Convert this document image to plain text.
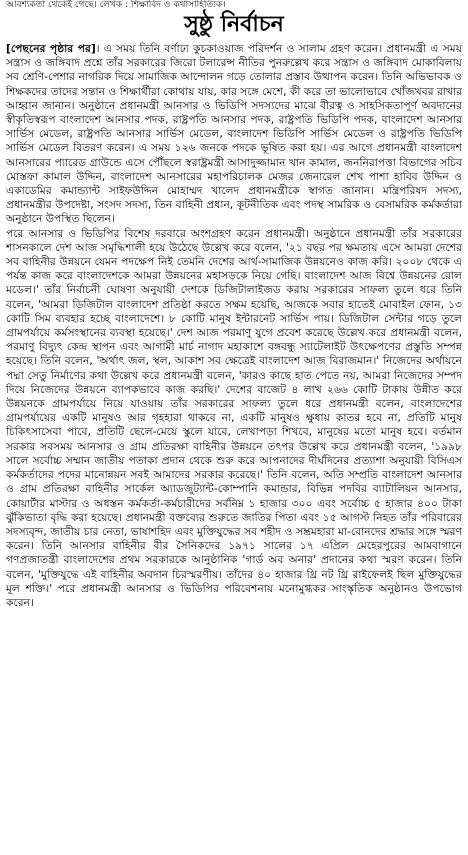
আবশ্যকতা থেকেই গেছে। লেখক : শিক্ষাবিদ ও কথাসাহিত্যিক।
সুষ্ঠু নির্বাচন

[পেছনের পৃষ্ঠার পর]। এ সময় তিনি বর্ণাঢ্য কুচকাওয়াজ পরিদর্শন ও সালাম গ্রহণ করেন। প্রধানমন্ত্রী এ সময় সন্ত্রাস ও জঙ্গিবাদ প্রশ্নে তাঁর সরকারের জিরো টলারেন্স নীতির পুনরুল্লেখ করে সন্ত্রাস ও জঙ্গিবাদ মোকাবিলায় সব শ্রেণি-পেশার নাগরিক দিয়ে সামাজিক আন্দোলন গড়ে তোলার প্রস্তাব উত্থাপন করেন। তিনি অভিভাবক ও শিক্ষকদের তাদের সন্তান ও শিক্ষার্থীরা কোথায় যায়, কার সঙ্গে মেশে, কী করে তা ভালোভাবে খোঁজখবর রাখার আহ্বান জানান। অনুষ্ঠানে প্রধানমন্ত্রী আনসার ও ভিডিপি সদস্যদের মাঝে বীরত্ব ও সাহসিকতাপূর্ণ অবদানের স্বীকৃতিস্বরূপ বাংলাদেশ আনসার পদক, রাষ্ট্রপতি আনসার পদক, রাষ্ট্রপতি ভিডিপি পদক, বাংলাদেশ আনসার সার্ভিস মেডেল, রাষ্ট্রপতি আনসার সার্ভিস মেডেল, বাংলাদেশ ভিডিপি সার্ভিস মেডেল ও রাষ্ট্রপতি ভিডিপি সার্ভিস মেডেল বিতরণ করেন। এ সময় ১২৬ জনকে পদকে ভূষিত করা হয়। এর আগে প্রধানমন্ত্রী বাংলাদেশ আনসারের প্যারেড গ্রাউন্ডে এসে পৌঁছলে স্বরাষ্ট্রমন্ত্রী আসাদুজ্জামান খান কামাল, জননিরাপত্তা বিভাগের সচিব মোস্তফা কামাল উদ্দিন, বাংলাদেশ আনসারের মহাপরিচালক মেজর জেনারেল শেখ পাশা হাবিব উদ্দিন ও একাডেমির কমান্ড্যান্ট সাইফউদ্দিন মোহাম্মদ খালেদ প্রধানমন্ত্রীকে স্বাগত জানান। মন্ত্রিপরিষদ সদস্য, প্রধানমন্ত্রীর উপদেষ্টা, সংসদ সদস্য, তিন বাহিনী প্রধান, কূটনীতিক এবং পদস্থ সামরিক ও বেসামরিক কর্মকর্তারা অনুষ্ঠানে উপস্থিত ছিলেন।

পরে আনসার ও ভিডিপির বিশেষ দরবারে অংশগ্রহণ করেন প্রধানমন্ত্রী। অনুষ্ঠানে প্রধানমন্ত্রী তাঁর সরকারের শাসনকালে দেশ আজ সমৃদ্ধিশালী হয়ে উঠেছে উল্লেখ করে বলেন, '২১ বছর পর ক্ষমতায় এসে আমরা দেশের সব বাহিনীর উন্নয়নে যেমন পদক্ষেপ নিই তেমনি দেশের আর্থ-সামাজিক উন্নয়নেও কাজ করি। ২০০৮ থেকে এ পর্যন্ত কাজ করে বাংলাদেশকে আমরা উন্নয়নের মহাসড়কে নিয়ে গেছি। বাংলাদেশ আজ বিশ্বে উন্নয়নের রোল মডেল।' তাঁর নির্বাচনী ঘোষণা অনুযায়ী দেশকে ডিজিটালাইজড করায় সরকারের সাফল্য তুলে ধরে তিনি বলেন, 'আমরা ডিজিটাল বাংলাদেশ প্রতিষ্ঠা করতে সক্ষম হয়েছি, আজকে সবার হাতেই মোবাইল ফোন, ১৩ কোটি সিম ব্যবহার হচ্ছে বাংলাদেশে। ৮ কোটি মানুষ ইন্টারনেট সার্ভিস পায়। ডিজিটাল সেন্টার গড়ে তুলে গ্রামপর্যায়ে কর্মসংস্থানের ব্যবস্থা হয়েছে।' দেশ আজ পরমাণু যুগে প্রবেশ করেছে উল্লেখ করে প্রধানমন্ত্রী বলেন, পরমাণু বিদ্যুৎ কেন্দ্র স্থাপন এবং আগামী মার্চ নাগাদ মহাকাশে বঙ্গবন্ধু স্যাটেলাইট উৎক্ষেপণের প্রস্তুতি সম্পন্ন হয়েছে। তিনি বলেন, 'অর্থাৎ জল, স্থল, আকাশ সব ক্ষেত্রেই বাংলাদেশ আজ বিরাজমান।' নিজেদের অর্থায়নে পদ্মা সেতু নির্মাণের কথা উল্লেখ করে প্রধানমন্ত্রী বলেন, 'কারও কাছে হাত পেতে নয়, আমরা নিজেদের সম্পদ দিয়ে নিজেদের উন্নয়নে ব্যাপকভাবে কাজ করছি।' দেশের বাজেট ৪ লাখ ২৬৬ কোটি টাকায় উন্নীত করে উন্নয়নকে গ্রামপর্যায়ে নিয়ে যাওয়ায় তাঁর সরকারের সাফল্য তুলে ধরে প্রধানমন্ত্রী বলেন, বাংলাদেশের গ্রামপর্যায়ের একটি মানুষও আর গৃহহারা থাকবে না, একটি মানুষও ক্ষুধায় কাতর হবে না, প্রতিটি মানুষ চিকিৎসাসেবা পাবে, প্রতিটি ছেলে-মেয়ে স্কুলে যাবে, লেখাপড়া শিখবে, মানুষের মতো মানুষ হবে। বর্তমান সরকার সবসময় আনসার ও গ্রাম প্রতিরক্ষা বাহিনীর উন্নয়নে তৎপর উল্লেখ করে প্রধানমন্ত্রী বলেন, '১৯৯৮ সালে সর্বোচ্চ সম্মান জাতীয় পতাকা প্রদান থেকে শুরু করে আপনাদের দীর্ঘদিনের প্রত্যাশা অনুযায়ী বিসিএস কর্মকর্তাদের পদের মানোন্নয়ন সবই আমাদের সরকার করেছে।' তিনি বলেন, অতি সম্প্রতি বাংলাদেশ আনসার ও গ্রাম প্রতিরক্ষা বাহিনীর সার্কেল অ্যাডজুট্যান্ট-কোম্পানি কমান্ডার, বিভিন্ন পদবির ব্যাটালিয়ন আনসার, কোয়ার্টার মাস্টার ও অধস্তন কর্মকর্তা-কর্মচারীদের সর্বনিম্ন ১ হাজার ৩০০ এবং সর্বোচ্চ ৫ হাজার ৪০০ টাকা ঝুঁকিভাতা বৃদ্ধি করা হয়েছে। প্রধানমন্ত্রী বক্তব্যের শুরুতে জাতির পিতা এবং ১৫ আগস্ট নিহত তাঁর পরিবারের সদস্যবৃন্দ, জাতীয় চার নেতা, ভাষাশহিদ এবং মুক্তিযুদ্ধের সব শহীদ ও সম্ভ্রমহারা মা-বোনদের শ্রদ্ধার সঙ্গে স্মরণ করেন। তিনি আনসার বাহিনীর বীর সৈনিকদের ১৯৭১ সালের ১৭ এপ্রিল মেহেরপুরের আমবাগানে গণপ্রজাতন্ত্রী বাংলাদেশের প্রথম সরকারকে আনুষ্ঠানিক 'গার্ড অব অনার' প্রদানের কথা স্মরণ করেন। তিনি বলেন, 'মুক্তিযুদ্ধে এই বাহিনীর অবদান চিরস্মরণীয়। তাঁদের ৪০ হাজার থ্রি নট থ্রি রাইফেলই ছিল মুক্তিযুদ্ধের মূল শক্তি।' পরে প্রধানমন্ত্রী আনসার ও ভিডিপির পরিবেশনায় মনোমুগ্ধকর সাংস্কৃতিক অনুষ্ঠানও উপভোগ করেন।
